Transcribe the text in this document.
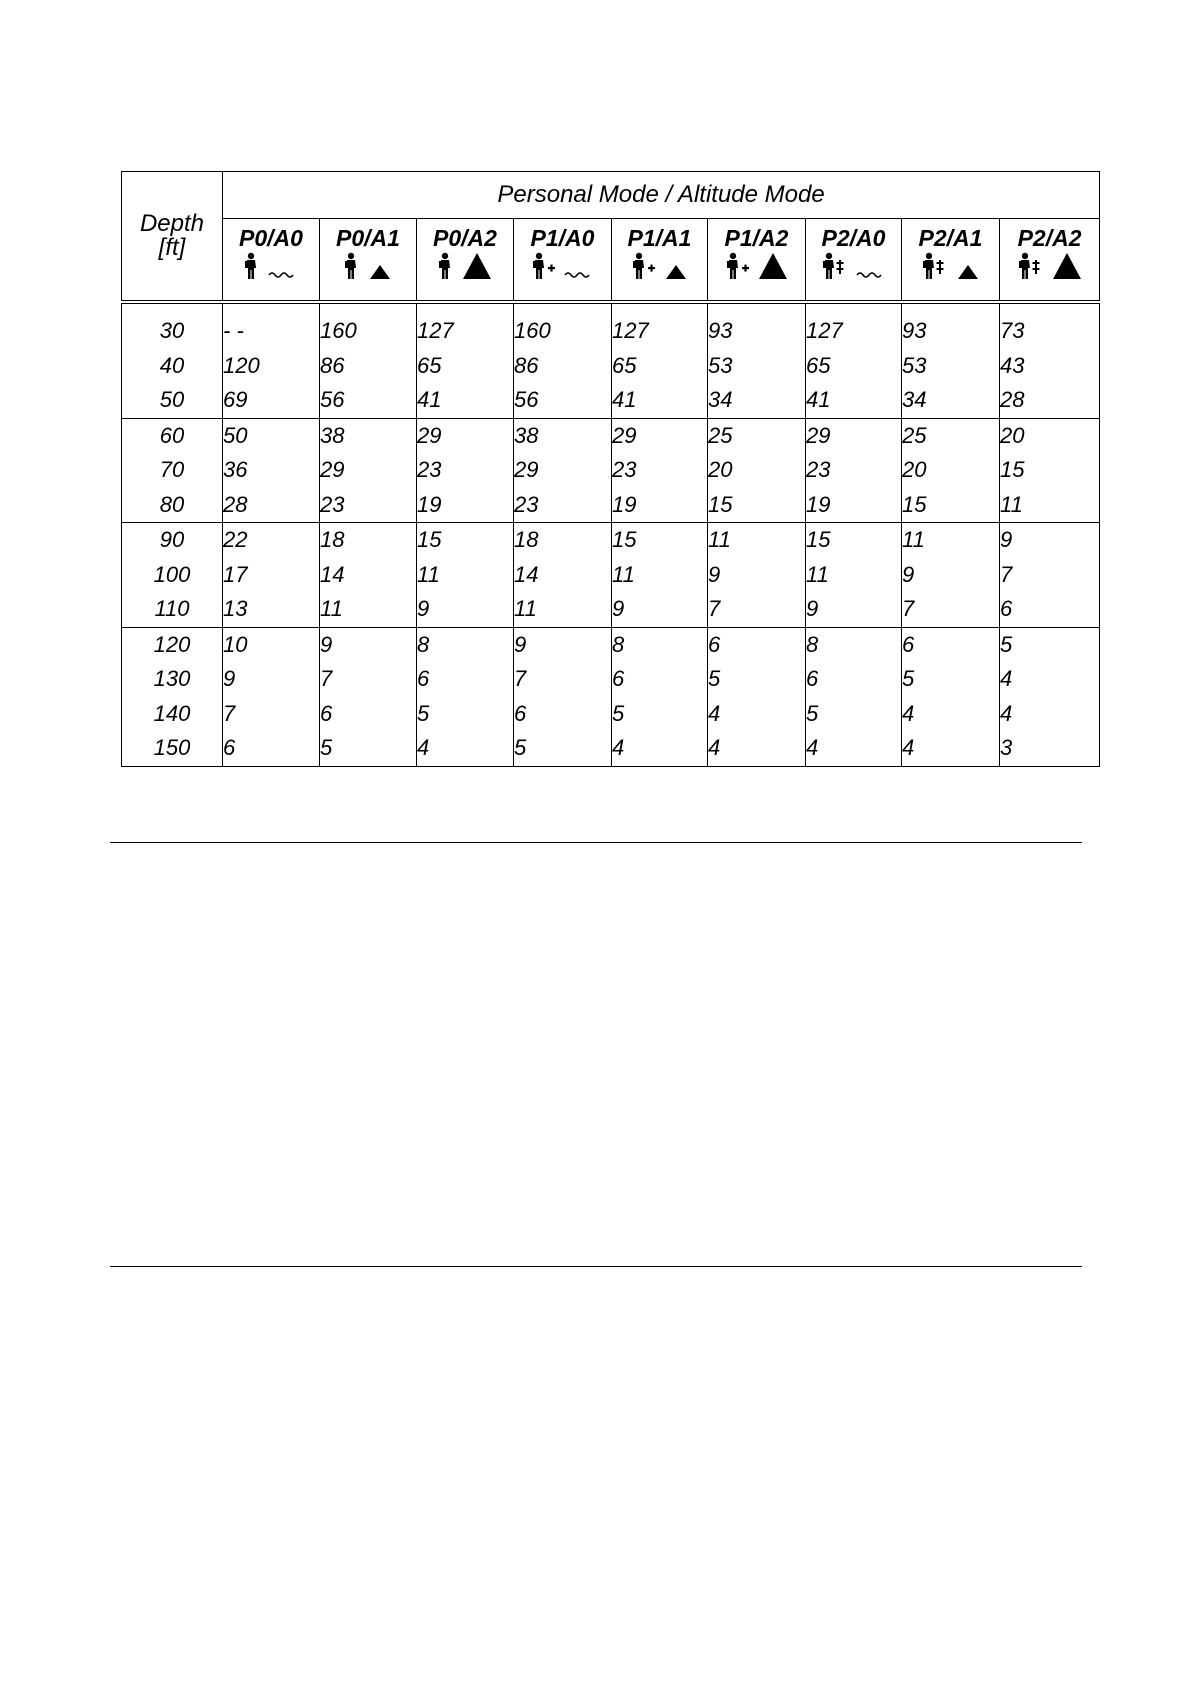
Depth
[ft]	Personal Mode / Altitude Mode								

	P0/A0	P0/A1	P0/A2	P1/A0	P1/A1	P1/A2	P2/A0	P2/A1	P2/A2

30	- -	160	127	160	127	93	127	93	73
40	120	86	65	86	65	53	65	53	43
50	69	56	41	56	41	34	41	34	28
60	50	38	29	38	29	25	29	25	20
70	36	29	23	29	23	20	23	20	15
80	28	23	19	23	19	15	19	15	11
90	22	18	15	18	15	11	15	11	9
100	17	14	11	14	11	9	11	9	7
110	13	11	9	11	9	7	9	7	6
120	10	9	8	9	8	6	8	6	5
130	9	7	6	7	6	5	6	5	4
140	7	6	5	6	5	4	5	4	4
150	6	5	4	5	4	4	4	4	3
